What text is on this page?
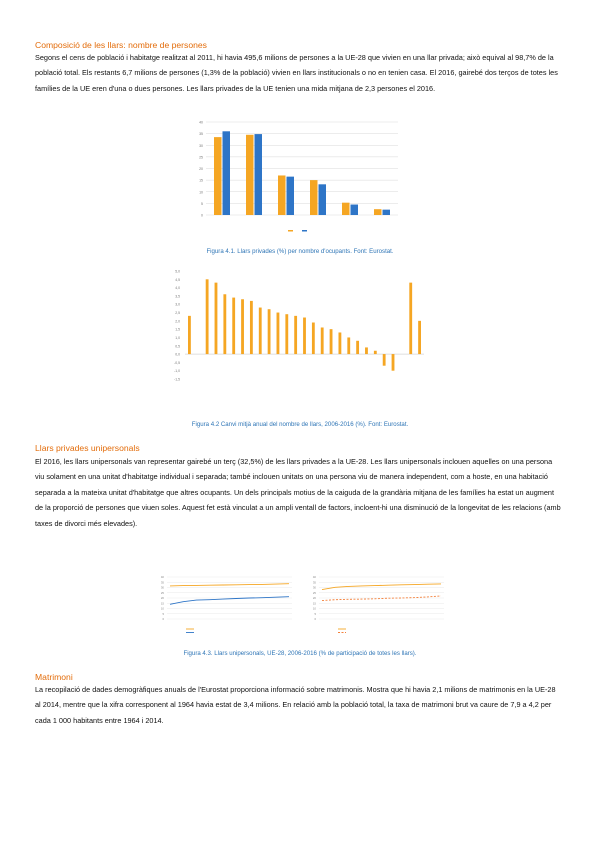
Composició de les llars: nombre de persones

Segons el cens de població i habitatge realitzat al 2011, hi havia 495,6 milions de persones a la UE-28 que vivien en una llar privada; això equival al 98,7% de la població total. Els restants 6,7 milions de persones (1,3% de la població) vivien en llars institucionals o no en tenien casa. El 2016, gairebé dos terços de totes les famílies de la UE eren d'una o dues persones. Les llars privades de la UE tenien una mida mitjana de 2,3 persones el 2016.

0
5
10
15
20
25
30
35
40

Figura 4.1. Llars privades (%) per nombre d'ocupants. Font: Eurostat.

5,0
4,5
4,0
3,5
3,0
2,5
2,0
1,5
1,0
0,5
0,0
-0,5
-1,0
-1,5

Figura 4.2 Canvi mitjà anual del nombre de llars, 2006-2016 (%). Font: Eurostat.

Llars privades unipersonals

El 2016, les llars unipersonals van representar gairebé un terç (32,5%) de les llars privades a la UE-28. Les llars unipersonals inclouen aquelles on una persona viu solament en una unitat d'habitatge individual i separada; també inclouen unitats on una persona viu de manera independent, com a hoste, en una habitació separada a la mateixa unitat d'habitatge que altres ocupants. Un dels principals motius de la caiguda de la grandària mitjana de les famílies ha estat un augment de la proporció de persones que viuen soles. Aquest fet està vinculat a un ampli ventall de factors, incloent-hi una disminució de la longevitat de les relacions (amb taxes de divorci més elevades).

40
35
30
25
20
15
10
5
0
40
35
30
25
20
15
10
5
0

Figura 4.3. Llars unipersonals, UE-28, 2006-2016 (% de participació de totes les llars).

Matrimoni

La recopilació de dades demogràfiques anuals de l'Eurostat proporciona informació sobre matrimonis. Mostra que hi havia 2,1 milions de matrimonis en la UE-28 al 2014, mentre que la xifra corresponent al 1964 havia estat de 3,4 milions. En relació amb la població total, la taxa de matrimoni brut va caure de 7,9 a 4,2 per cada 1 000 habitants entre 1964 i 2014.
